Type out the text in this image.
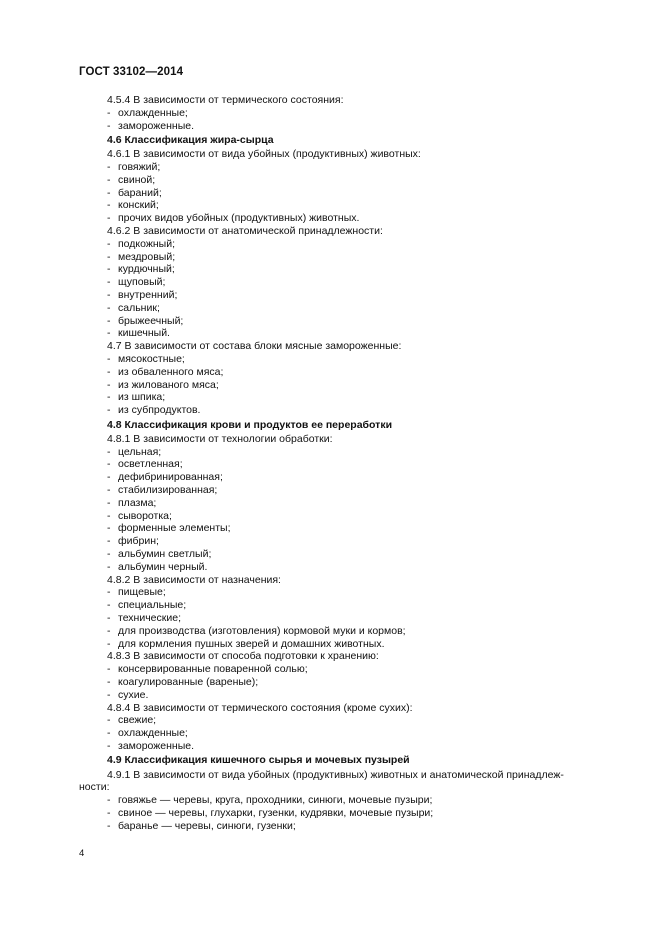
ГОСТ 33102—2014
4.5.4 В зависимости от термического состояния:
- охлажденные;
- замороженные.
4.6 Классификация жира-сырца
4.6.1 В зависимости от вида убойных (продуктивных) животных:
- говяжий;
- свиной;
- бараний;
- конский;
- прочих видов убойных (продуктивных) животных.
4.6.2 В зависимости от анатомической принадлежности:
- подкожный;
- мездровый;
- курдючный;
- щуповый;
- внутренний;
- сальник;
- брыжеечный;
- кишечный.
4.7 В зависимости от состава блоки мясные замороженные:
- мясокостные;
- из обваленного мяса;
- из жилованого мяса;
- из шпика;
- из субпродуктов.
4.8 Классификация крови и продуктов ее переработки
4.8.1 В зависимости от технологии обработки:
- цельная;
- осветленная;
- дефибринированная;
- стабилизированная;
- плазма;
- сыворотка;
- форменные элементы;
- фибрин;
- альбумин светлый;
- альбумин черный.
4.8.2 В зависимости от назначения:
- пищевые;
- специальные;
- технические;
- для производства (изготовления) кормовой муки и кормов;
- для кормления пушных зверей и домашних животных.
4.8.3 В зависимости от способа подготовки к хранению:
- консервированные поваренной солью;
- коагулированные (вареные);
- сухие.
4.8.4 В зависимости от термического состояния (кроме сухих):
- свежие;
- охлажденные;
- замороженные.
4.9 Классификация кишечного сырья и мочевых пузырей
4.9.1 В зависимости от вида убойных (продуктивных) животных и анатомической принадлеж-
ности:
- говяжье — черевы, круга, проходники, синюги, мочевые пузыри;
- свиное — черевы, глухарки, гузенки, кудрявки, мочевые пузыри;
- баранье — черевы, синюги, гузенки;
4
